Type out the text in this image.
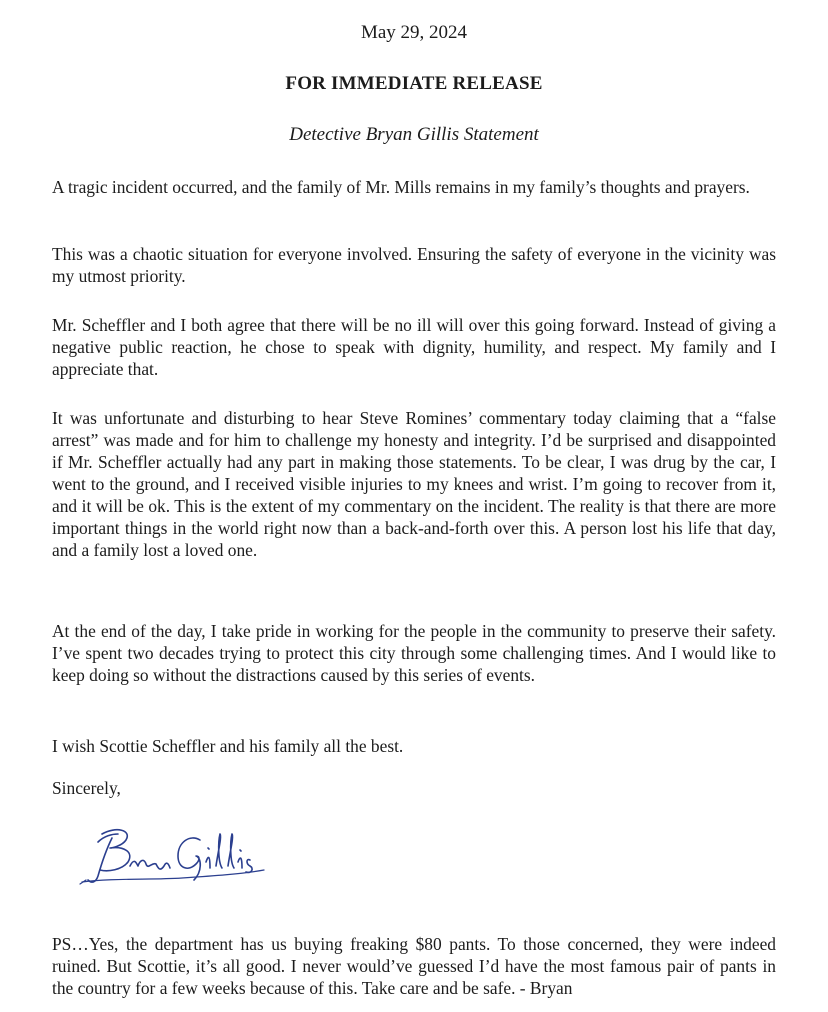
May 29, 2024
FOR IMMEDIATE RELEASE
Detective Bryan Gillis Statement

A tragic incident occurred, and the family of Mr. Mills remains in my family’s thoughts and prayers.

This was a chaotic situation for everyone involved. Ensuring the safety of everyone in the vicinity was my utmost priority.

Mr. Scheffler and I both agree that there will be no ill will over this going forward. Instead of giving a negative public reaction, he chose to speak with dignity, humility, and respect. My family and I appreciate that.

It was unfortunate and disturbing to hear Steve Romines’ commentary today claiming that a “false arrest” was made and for him to challenge my honesty and integrity. I’d be surprised and disappointed if Mr. Scheffler actually had any part in making those statements. To be clear, I was drug by the car, I went to the ground, and I received visible injuries to my knees and wrist. I’m going to recover from it, and it will be ok. This is the extent of my commentary on the incident. The reality is that there are more important things in the world right now than a back-and-forth over this. A person lost his life that day, and a family lost a loved one.

At the end of the day, I take pride in working for the people in the community to preserve their safety. I’ve spent two decades trying to protect this city through some challenging times. And I would like to keep doing so without the distractions caused by this series of events.

I wish Scottie Scheffler and his family all the best.

Sincerely,

PS…Yes, the department has us buying freaking $80 pants. To those concerned, they were indeed ruined. But Scottie, it’s all good. I never would’ve guessed I’d have the most famous pair of pants in the country for a few weeks because of this. Take care and be safe. - Bryan
